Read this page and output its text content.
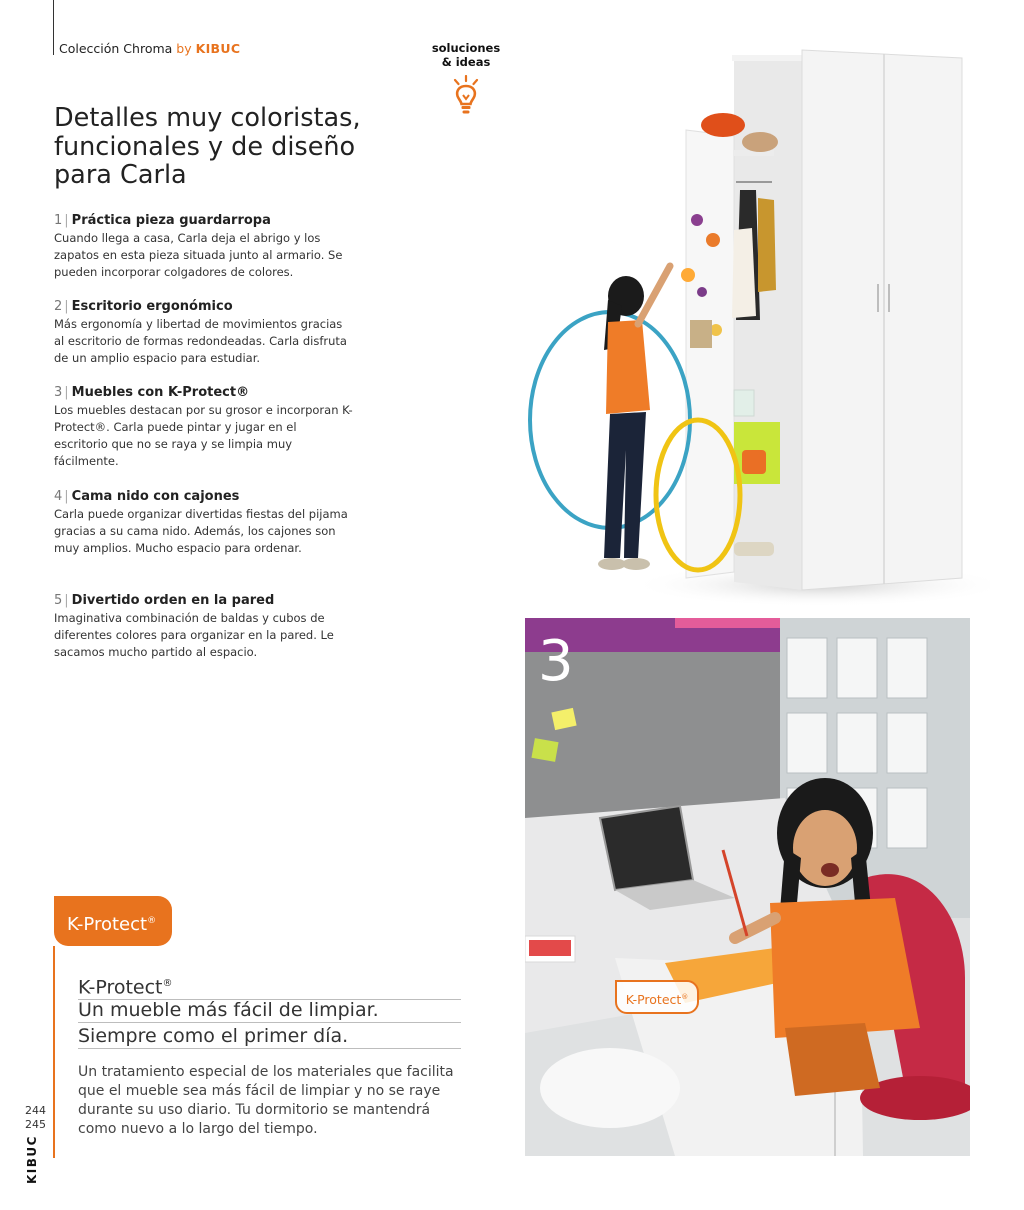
Colección Chroma by KIBUC	soluciones
& ideas
Detalles muy coloristas, funcionales y de diseño para Carla
1 | Práctica pieza guardarropa
Cuando llega a casa, Carla deja el abrigo y los zapatos en esta pieza situada junto al armario. Se pueden incorporar colgadores de colores.
2 | Escritorio ergonómico
Más ergonomía y libertad de movimientos gracias al escritorio de formas redondeadas. Carla disfruta de un amplio espacio para estudiar.
3 | Muebles con K-Protect®
Los muebles destacan por su grosor e incorporan K-Protect®. Carla puede pintar y jugar en el escritorio que no se raya y se limpia muy fácilmente.
4 | Cama nido con cajones
Carla puede organizar divertidas fiestas del pijama gracias a su cama nido. Además, los cajones son muy amplios. Mucho espacio para ordenar.
5 | Divertido orden en la pared
Imaginativa combinación de baldas y cubos de diferentes colores para organizar en la pared. Le sacamos mucho partido al espacio.	3
K-Protect®
K-Protect®
K-Protect®
Un mueble más fácil de limpiar.
Siempre como el primer día.
Un tratamiento especial de los materiales que facilita que el mueble sea más fácil de limpiar y no se raye durante su uso diario. Tu dormitorio se mantendrá como nuevo a lo largo del tiempo.
244
245
KIBUC
